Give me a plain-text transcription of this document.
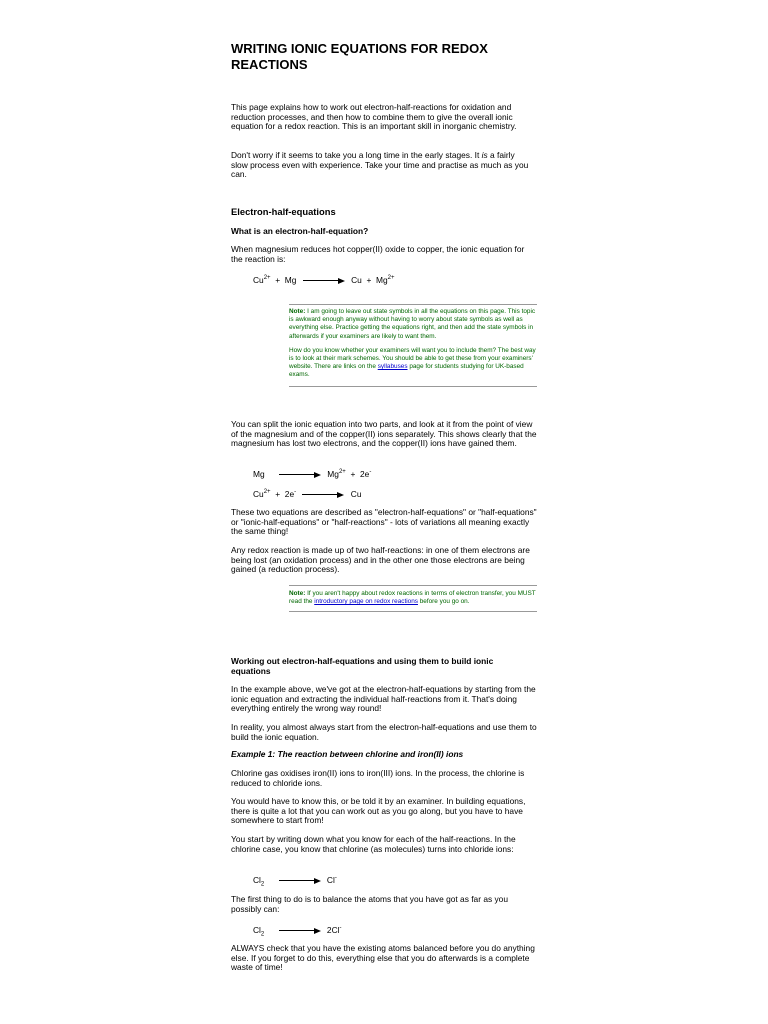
WRITING IONIC EQUATIONS FOR REDOX REACTIONS

This page explains how to work out electron-half-reactions for oxidation and reduction processes, and then how to combine them to give the overall ionic equation for a redox reaction. This is an important skill in inorganic chemistry.

Don't worry if it seems to take you a long time in the early stages. It is a fairly slow process even with experience. Take your time and practise as much as you can.

Electron-half-equations

What is an electron-half-equation?

When magnesium reduces hot copper(II) oxide to copper, the ionic equation for the reaction is:

$Cu^{2+} + Mg$	$Cu + Mg^{2+}$

Note: I am going to leave out state symbols in all the equations on this page. This topic is awkward enough anyway without having to worry about state symbols as well as everything else. Practice getting the equations right, and then add the state symbols in afterwards if your examiners are likely to want them.

How do you know whether your examiners will want you to include them? The best way is to look at their mark schemes. You should be able to get these from your examiners' website. There are links on the syllabuses page for students studying for UK-based exams.

You can split the ionic equation into two parts, and look at it from the point of view of the magnesium and of the copper(II) ions separately. This shows clearly that the magnesium has lost two electrons, and the copper(II) ions have gained them.

Mg	$Mg^{2+} + 2e^-$
$Cu^{2+} + 2e^-$	Cu

These two equations are described as "electron-half-equations" or "half-equations" or "ionic-half-equations" or "half-reactions" - lots of variations all meaning exactly the same thing!

Any redox reaction is made up of two half-reactions: in one of them electrons are being lost (an oxidation process) and in the other one those electrons are being gained (a reduction process).

Note: If you aren't happy about redox reactions in terms of electron transfer, you MUST read the introductory page on redox reactions before you go on.

Working out electron-half-equations and using them to build ionic equations

In the example above, we've got at the electron-half-equations by starting from the ionic equation and extracting the individual half-reactions from it. That's doing everything entirely the wrong way round!

In reality, you almost always start from the electron-half-equations and use them to build the ionic equation.

Example 1: The reaction between chlorine and iron(II) ions

Chlorine gas oxidises iron(II) ions to iron(III) ions. In the process, the chlorine is reduced to chloride ions.

You would have to know this, or be told it by an examiner. In building equations, there is quite a lot that you can work out as you go along, but you have to have somewhere to start from!

You start by writing down what you know for each of the half-reactions. In the chlorine case, you know that chlorine (as molecules) turns into chloride ions:

$Cl_2$	Cl-

The first thing to do is to balance the atoms that you have got as far as you possibly can:

$Cl_2$	2Cl-

ALWAYS check that you have the existing atoms balanced before you do anything else. If you forget to do this, everything else that you do afterwards is a complete waste of time!
